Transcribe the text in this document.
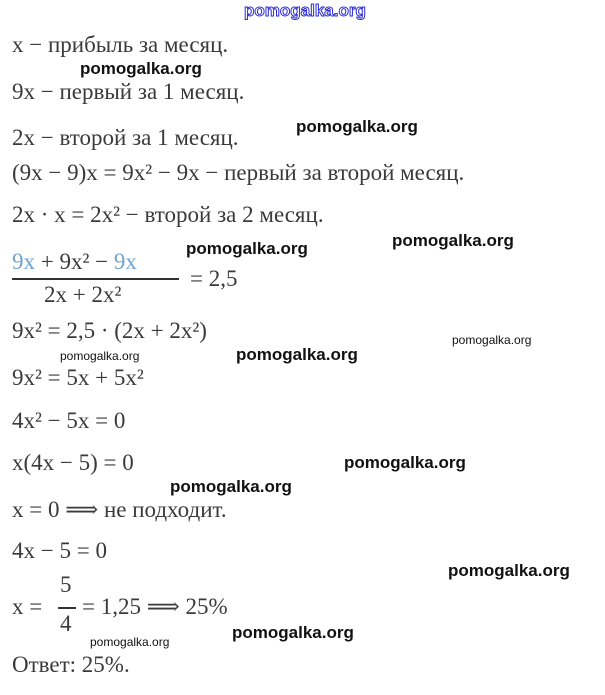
pomogalka.org
x − прибыль за месяц.
9x − первый за 1 месяц.
2x − второй за 1 месяц.
(9x − 9)x = 9x² − 9x − первый за второй месяц.
2x · x = 2x² − второй за 2 месяц.
9x + 9x² − 9x
2x + 2x²
= 2,5
9x² = 2,5 · (2x + 2x²)
9x² = 5x + 5x²
4x² − 5x = 0
x(4x − 5) = 0
x = 0 ⟹ не подходит.
4x − 5 = 0
x =
5
4
= 1,25 ⟹ 25%
Ответ: 25%.
pomogalka.org
pomogalka.org
pomogalka.org
pomogalka.org
pomogalka.org
pomogalka.org	pomogalka.org
pomogalka.org
pomogalka.org
pomogalka.org
pomogalka.org
pomogalka.org
